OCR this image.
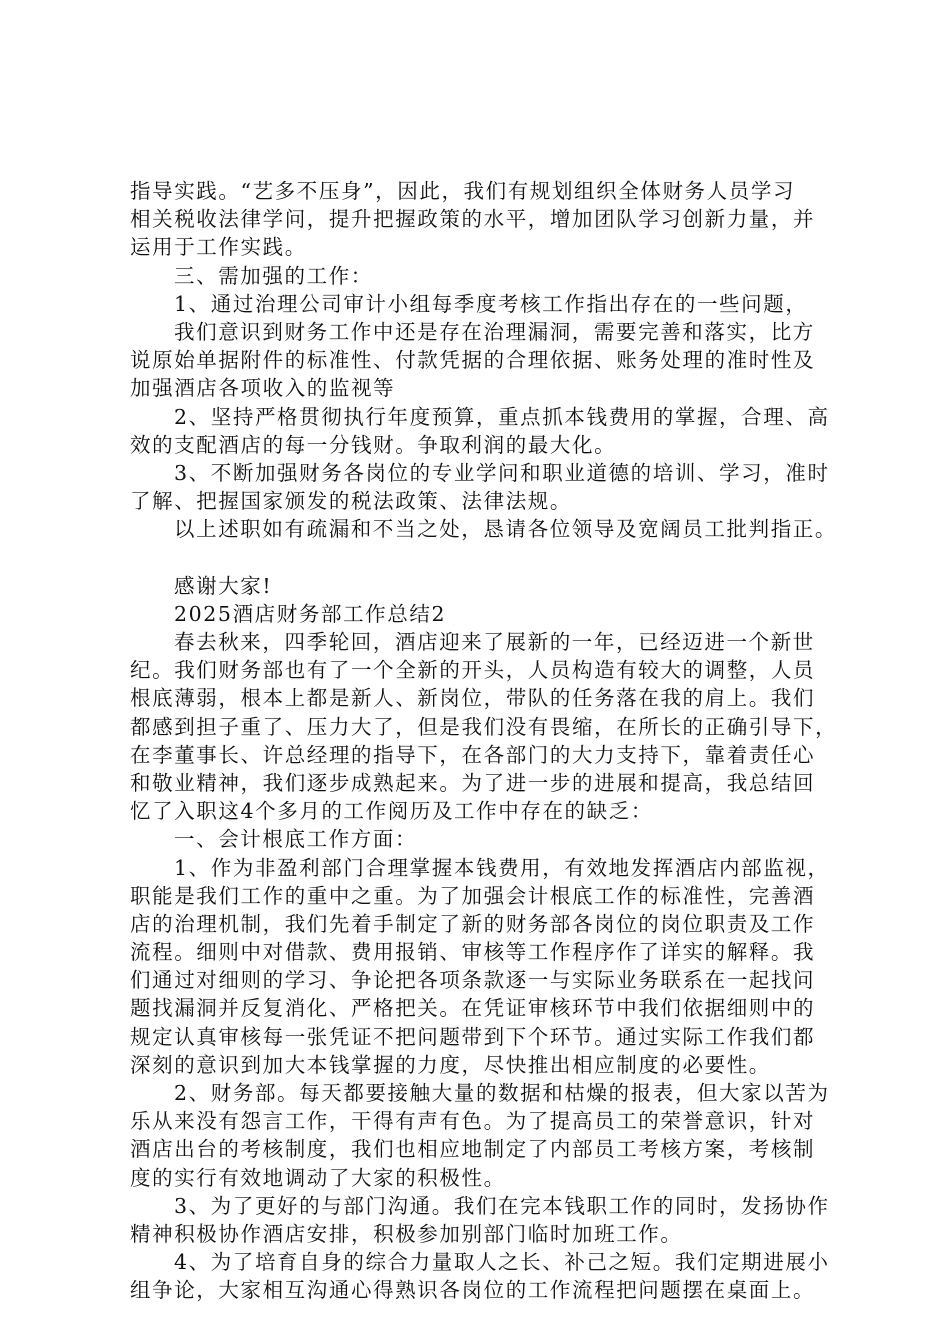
指导实践。“艺多不压身”，因此，我们有规划组织全体财务人员学习
相关税收法律学问，提升把握政策的水平，增加团队学习创新力量，并
运用于工作实践。
三、需加强的工作：
1、通过治理公司审计小组每季度考核工作指出存在的一些问题，
我们意识到财务工作中还是存在治理漏洞，需要完善和落实，比方
说原始单据附件的标准性、付款凭据的合理依据、账务处理的准时性及
加强酒店各项收入的监视等
2、坚持严格贯彻执行年度预算，重点抓本钱费用的掌握，合理、高
效的支配酒店的每一分钱财。争取利润的最大化。
3、不断加强财务各岗位的专业学问和职业道德的培训、学习，准时
了解、把握国家颁发的税法政策、法律法规。
以上述职如有疏漏和不当之处，恳请各位领导及宽阔员工批判指正。
感谢大家!
2025酒店财务部工作总结2
春去秋来，四季轮回，酒店迎来了展新的一年，已经迈进一个新世
纪。我们财务部也有了一个全新的开头，人员构造有较大的调整，人员
根底薄弱，根本上都是新人、新岗位，带队的任务落在我的肩上。我们
都感到担子重了、压力大了，但是我们没有畏缩，在所长的正确引导下，
在李董事长、许总经理的指导下，在各部门的大力支持下，靠着责任心
和敬业精神，我们逐步成熟起来。为了进一步的进展和提高，我总结回
忆了入职这4个多月的工作阅历及工作中存在的缺乏：
一、会计根底工作方面：
1、作为非盈利部门合理掌握本钱费用，有效地发挥酒店内部监视，
职能是我们工作的重中之重。为了加强会计根底工作的标准性，完善酒
店的治理机制，我们先着手制定了新的财务部各岗位的岗位职责及工作
流程。细则中对借款、费用报销、审核等工作程序作了详实的解释。我
们通过对细则的学习、争论把各项条款逐一与实际业务联系在一起找问
题找漏洞并反复消化、严格把关。在凭证审核环节中我们依据细则中的
规定认真审核每一张凭证不把问题带到下个环节。通过实际工作我们都
深刻的意识到加大本钱掌握的力度，尽快推出相应制度的必要性。
2、财务部。每天都要接触大量的数据和枯燥的报表，但大家以苦为
乐从来没有怨言工作，干得有声有色。为了提高员工的荣誉意识，针对
酒店出台的考核制度，我们也相应地制定了内部员工考核方案，考核制
度的实行有效地调动了大家的积极性。
3、为了更好的与部门沟通。我们在完本钱职工作的同时，发扬协作
精神积极协作酒店安排，积极参加别部门临时加班工作。
4、为了培育自身的综合力量取人之长、补己之短。我们定期进展小
组争论，大家相互沟通心得熟识各岗位的工作流程把问题摆在桌面上。
